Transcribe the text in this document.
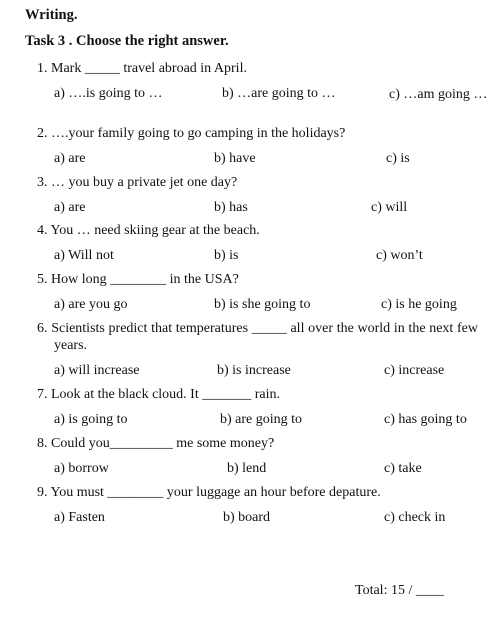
Writing.
Task 3 . Choose the right answer.
1. Mark _____ travel abroad in April.
a) ….is going to …	b) …are going to …	c) …am going …
2. ….your family going to go camping in the holidays?
a) are	b) have	c) is
3. … you buy a private jet one day?
a) are	b) has	c) will
4. You … need skiing gear at the beach.
a) Will not	b) is	c) won’t
5. How long ________ in the USA?
a) are you go	b) is she going to	c) is he going
6. Scientists predict that temperatures _____ all over the world in the next few years.
a) will increase	b) is increase	c) increase
7. Look at the black cloud. It _______ rain.
a) is going to	b) are going to	c) has going to
8. Could you_________ me some money?
a) borrow	b) lend	c) take
9. You must ________ your luggage an hour before depature.
a) Fasten	b) board	c) check in
Total: 15 / ____
